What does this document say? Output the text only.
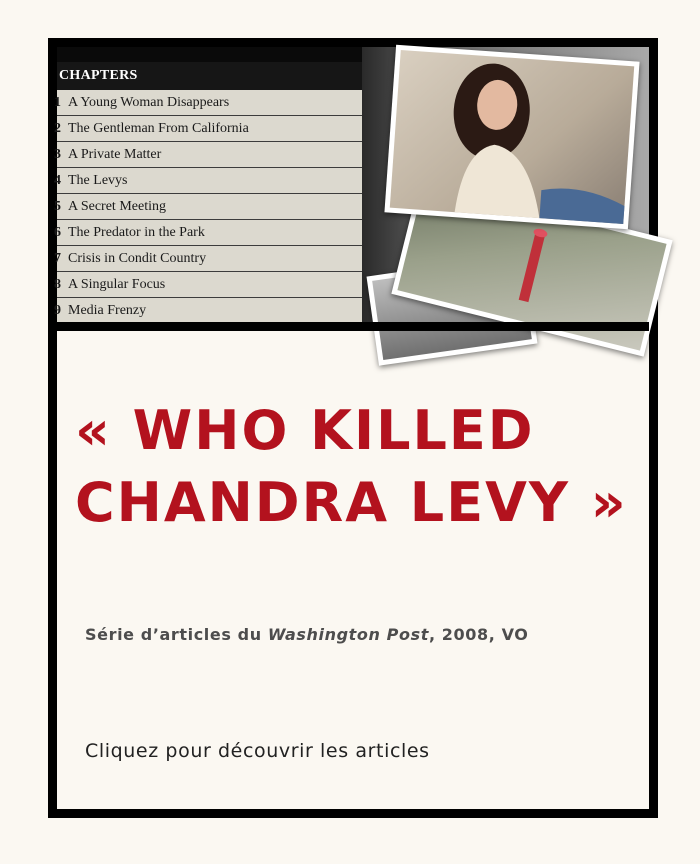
CHAPTERS
1 A Young Woman Disappears
2 The Gentleman From California
3 A Private Matter
4 The Levys
5 A Secret Meeting
6 The Predator in the Park
7 Crisis in Condit Country
8 A Singular Focus
9 Media Frenzy
« WHO KILLED
CHANDRA LEVY »
Série d’articles du Washington Post, 2008, VO
Cliquez pour découvrir les articles
